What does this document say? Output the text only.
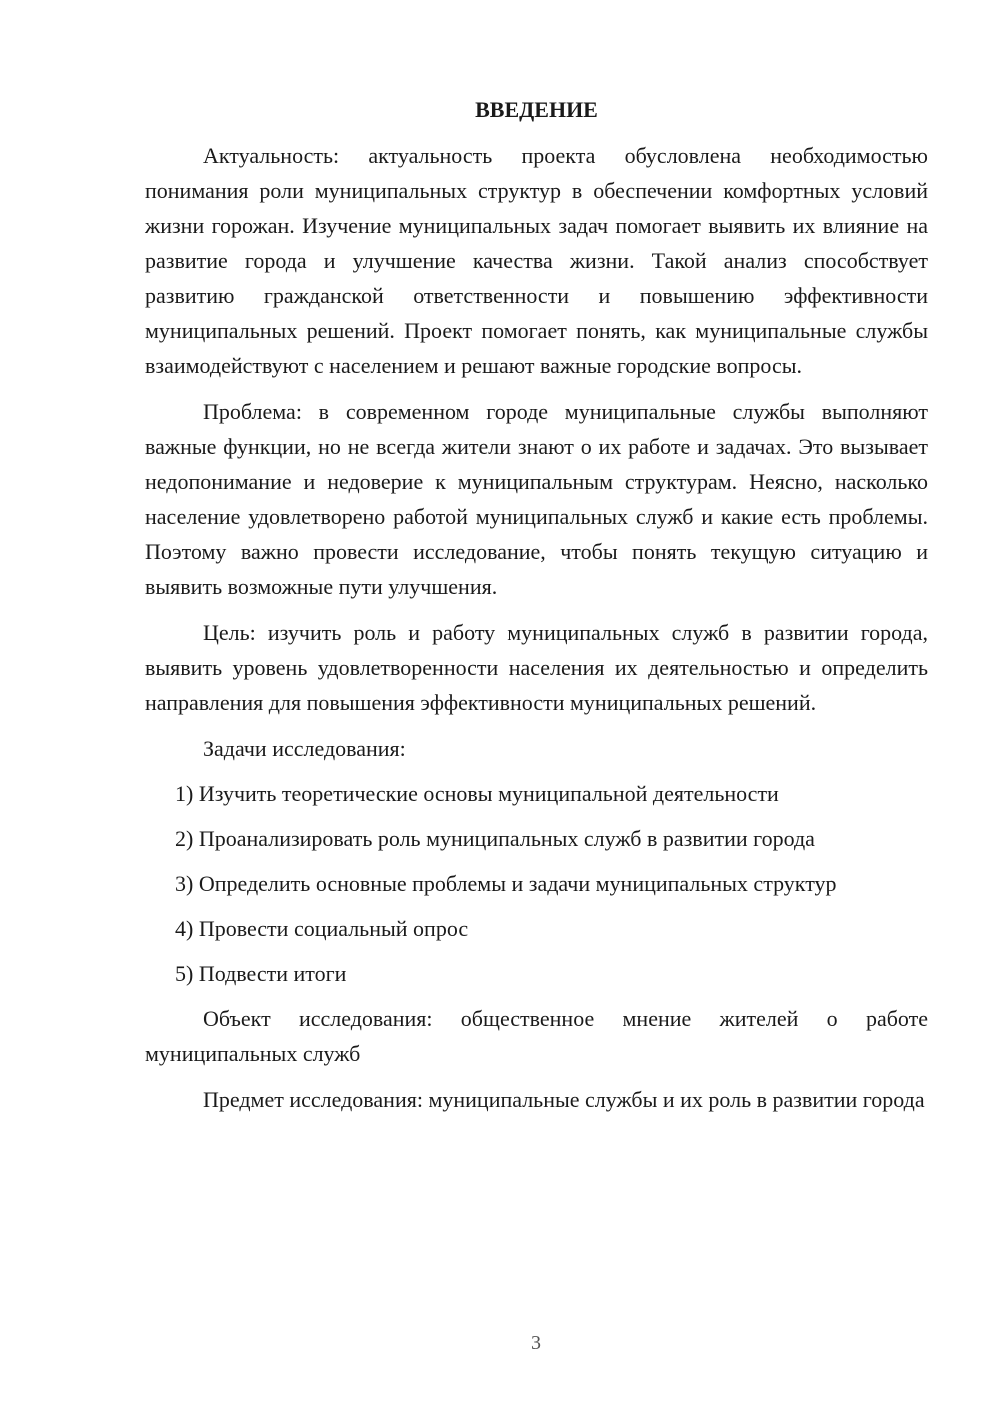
ВВЕДЕНИЕ

Актуальность: актуальность проекта обусловлена необходимостью понимания роли муниципальных структур в обеспечении комфортных условий жизни горожан. Изучение муниципальных задач помогает выявить их влияние на развитие города и улучшение качества жизни. Такой анализ способствует развитию гражданской ответственности и повышению эффективности муниципальных решений. Проект помогает понять, как муниципальные службы взаимодействуют с населением и решают важные городские вопросы.

Проблема: в современном городе муниципальные службы выполняют важные функции, но не всегда жители знают о их работе и задачах. Это вызывает недопонимание и недоверие к муниципальным структурам. Неясно, насколько население удовлетворено работой муниципальных служб и какие есть проблемы. Поэтому важно провести исследование, чтобы понять текущую ситуацию и выявить возможные пути улучшения.

Цель: изучить роль и работу муниципальных служб в развитии города, выявить уровень удовлетворенности населения их деятельностью и определить направления для повышения эффективности муниципальных решений.

Задачи исследования:

1) Изучить теоретические основы муниципальной деятельности
2) Проанализировать роль муниципальных служб в развитии города
3) Определить основные проблемы и задачи муниципальных структур
4) Провести социальный опрос
5) Подвести итоги

Объект исследования: общественное мнение жителей о работе муниципальных служб

Предмет исследования: муниципальные службы и их роль в развитии города

3
